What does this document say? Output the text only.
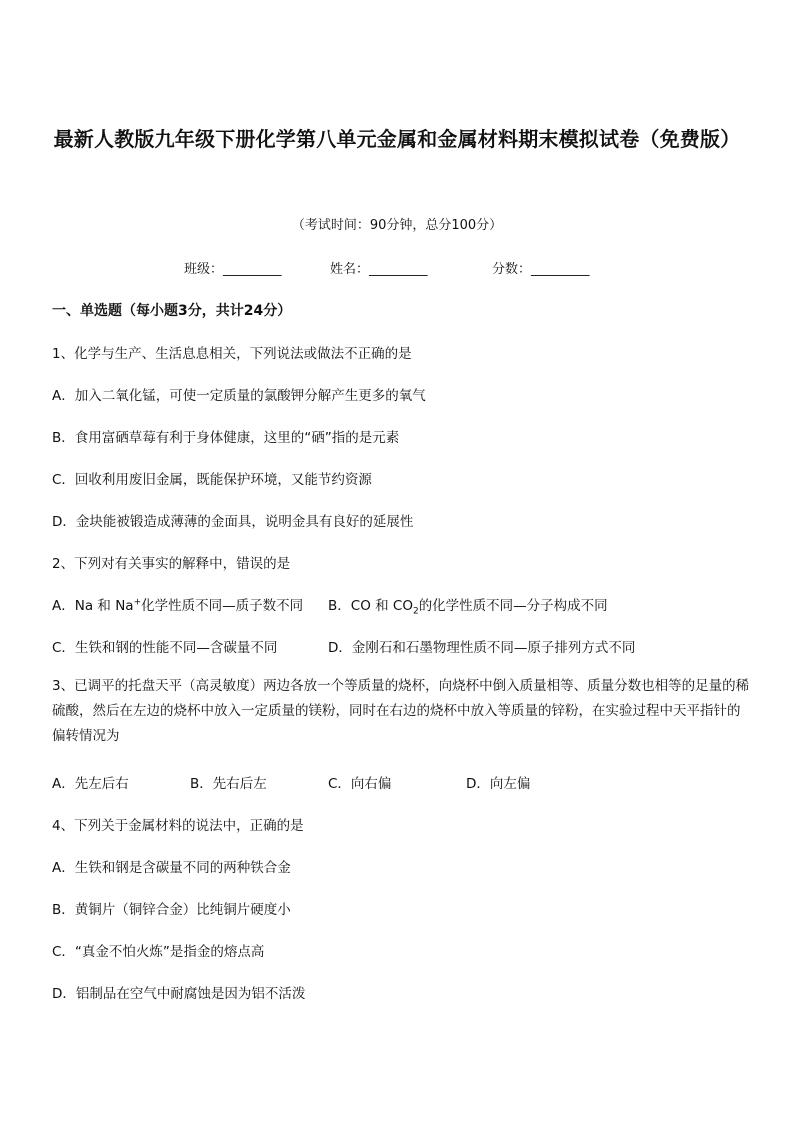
最新人教版九年级下册化学第八单元金属和金属材料期末模拟试卷（免费版）
（考试时间：90分钟，总分100分）
班级：_________	姓名：_________	分数：_________
一、单选题（每小题3分，共计24分）
1、化学与生产、生活息息相关，下列说法或做法不正确的是
A．加入二氧化锰，可使一定质量的氯酸钾分解产生更多的氧气
B．食用富硒草莓有利于身体健康，这里的“硒”指的是元素
C．回收利用废旧金属，既能保护环境，又能节约资源
D．金块能被锻造成薄薄的金面具，说明金具有良好的延展性
2、下列对有关事实的解释中，错误的是
A．Na 和 Na+化学性质不同—质子数不同 B．CO 和 $CO_2$的化学性质不同—分子构成不同
C．生铁和钢的性能不同—含碳量不同	D．金刚石和石墨物理性质不同—原子排列方式不同
3、已调平的托盘天平（高灵敏度）两边各放一个等质量的烧杯，向烧杯中倒入质量相等、质量分数也相等的足量的稀硫酸，然后在左边的烧杯中放入一定质量的镁粉，同时在右边的烧杯中放入等质量的锌粉，在实验过程中天平指针的偏转情况为
A．先左后右	B．先右后左	C．向右偏	D．向左偏
4、下列关于金属材料的说法中，正确的是
A．生铁和钢是含碳量不同的两种铁合金
B．黄铜片（铜锌合金）比纯铜片硬度小
C．“真金不怕火炼”是指金的熔点高
D．铝制品在空气中耐腐蚀是因为铝不活泼
